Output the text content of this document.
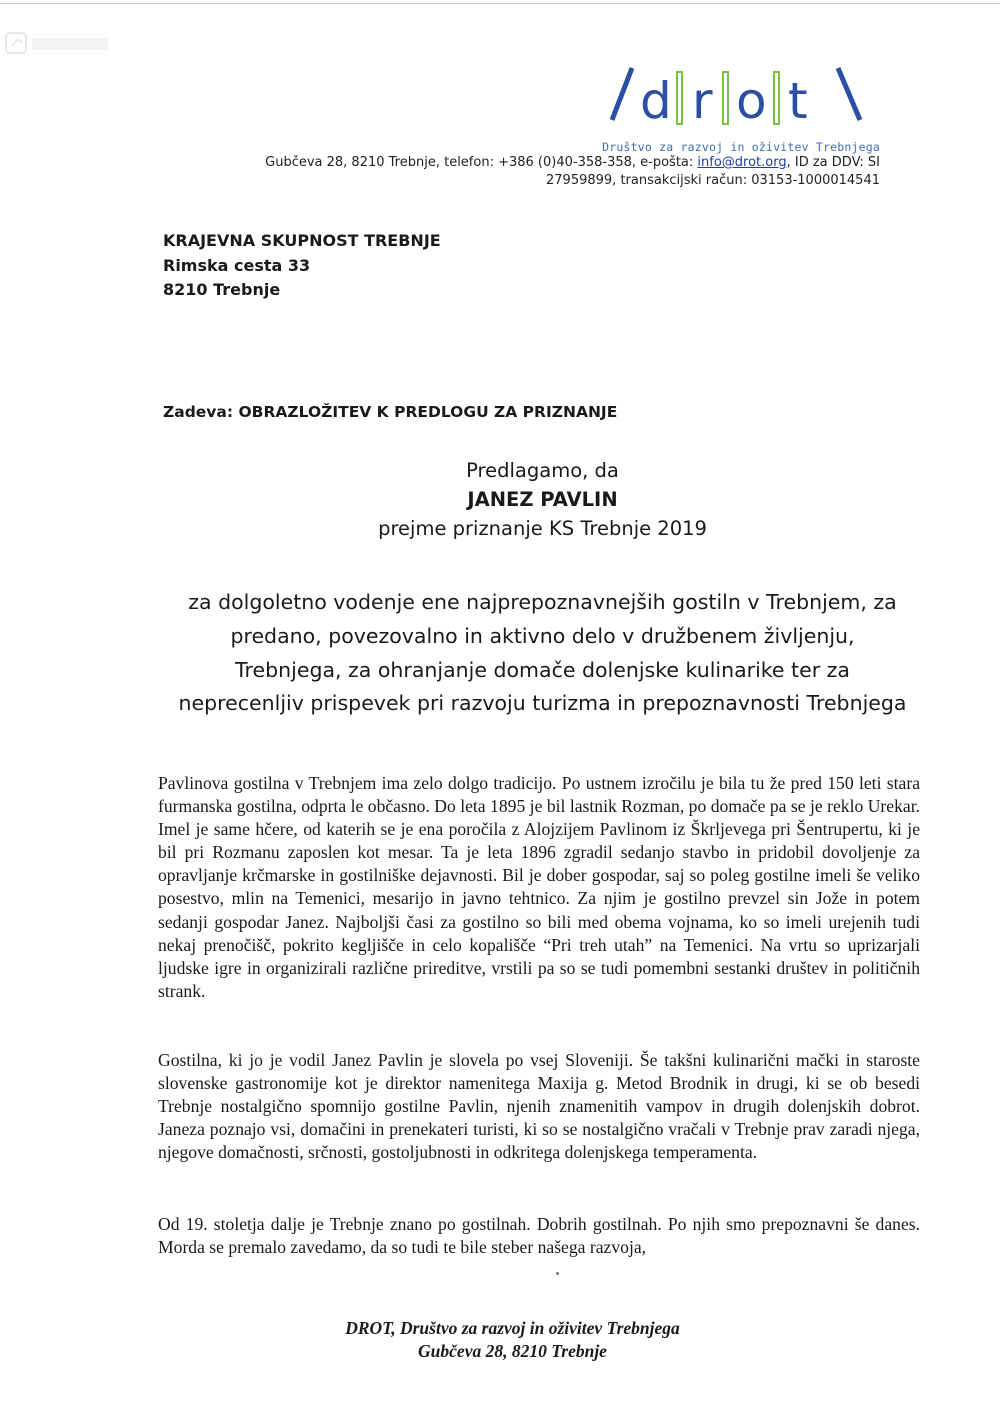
d r o t
Društvo za razvoj in oživitev Trebnjega
Gubčeva 28, 8210 Trebnje, telefon: +386 (0)40-358-358, e-pošta: info@drot.org, ID za DDV: SI
27959899, transakcijski račun: 03153-1000014541
KRAJEVNA SKUPNOST TREBNJE
Rimska cesta 33
8210 Trebnje
Zadeva: OBRAZLOŽITEV K PREDLOGU ZA PRIZNANJE
Predlagamo, da
JANEZ PAVLIN
prejme priznanje KS Trebnje 2019
za dolgoletno vodenje ene najprepoznavnejših gostiln v Trebnjem, za predano, povezovalno in aktivno delo v družbenem življenju, Trebnjega, za ohranjanje domače dolenjske kulinarike ter za neprecenljiv prispevek pri razvoju turizma in prepoznavnosti Trebnjega
Pavlinova gostilna v Trebnjem ima zelo dolgo tradicijo. Po ustnem izročilu je bila tu že pred 150 leti stara furmanska gostilna, odprta le občasno. Do leta 1895 je bil lastnik Rozman, po domače pa se je reklo Urekar. Imel je same hčere, od katerih se je ena poročila z Alojzijem Pavlinom iz Škrljevega pri Šentrupertu, ki je bil pri Rozmanu zaposlen kot mesar. Ta je leta 1896 zgradil sedanjo stavbo in pridobil dovoljenje za opravljanje krčmarske in gostilniške dejavnosti. Bil je dober gospodar, saj so poleg gostilne imeli še veliko posestvo, mlin na Temenici, mesarijo in javno tehtnico. Za njim je gostilno prevzel sin Jože in potem sedanji gospodar Janez. Najboljši časi za gostilno so bili med obema vojnama, ko so imeli urejenih tudi nekaj prenočišč, pokrito kegljišče in celo kopališče “Pri treh utah” na Temenici. Na vrtu so uprizarjali ljudske igre in organizirali različne prireditve, vrstili pa so se tudi pomembni sestanki društev in političnih strank.
Gostilna, ki jo je vodil Janez Pavlin je slovela po vsej Sloveniji. Še takšni kulinarični mački in staroste slovenske gastronomije kot je direktor namenitega Maxija g. Metod Brodnik in drugi, ki se ob besedi Trebnje nostalgično spomnijo gostilne Pavlin, njenih znamenitih vampov in drugih dolenjskih dobrot. Janeza poznajo vsi, domačini in prenekateri turisti, ki so se nostalgično vračali v Trebnje prav zaradi njega, njegove domačnosti, srčnosti, gostoljubnosti in odkritega dolenjskega temperamenta.
Od 19. stoletja dalje je Trebnje znano po gostilnah. Dobrih gostilnah. Po njih smo prepoznavni še danes. Morda se premalo zavedamo, da so tudi te bile steber našega razvoja,
DROT, Društvo za razvoj in oživitev Trebnjega
Gubčeva 28, 8210 Trebnje
